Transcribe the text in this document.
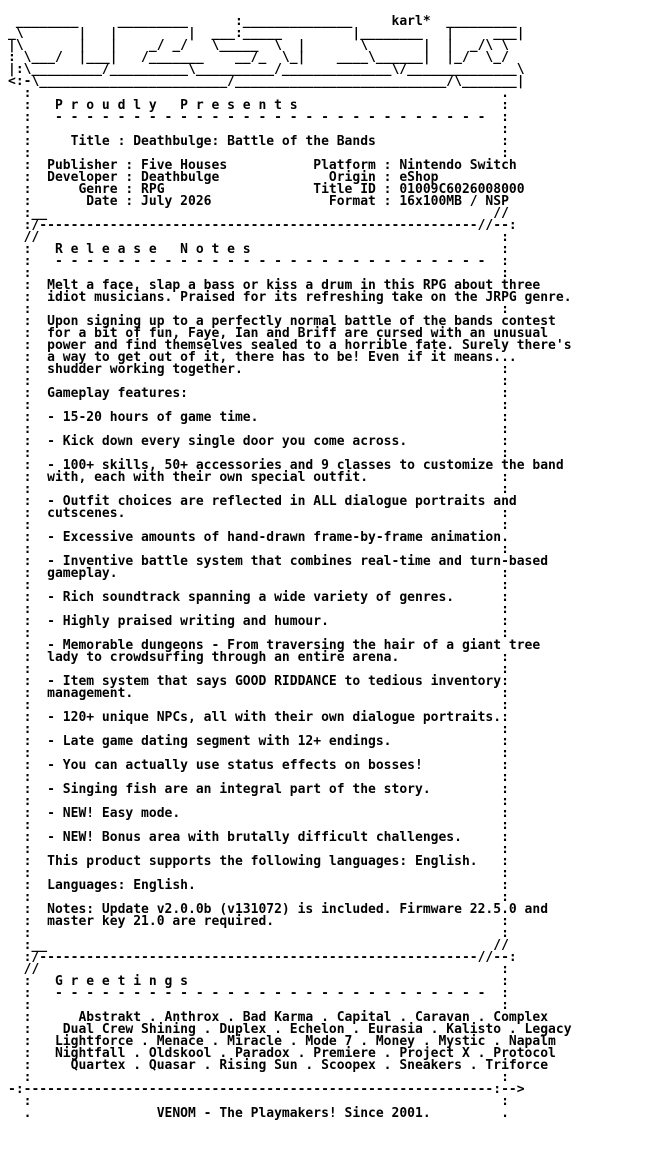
________     _________      :______________     karl*  _________
_\       |   |         |  ___:_____         |________   |     ___|
|\       |   |    _/ _/   \_____  \  |       \       |  |  _/\ \
: \___/  |___|   /_______    __/_  \_|    ____\______|  |_/  \_/
|:\_________/__________\__________/______________\/______________\
<:-\________________________/___________________________/\_______|
:                                                            .
:   P r o u d l y   P r e s e n t s                          :
:   - - - - - - - - - - - - - - - - - - - - - - - - - - - -  :
:                                                            :
:     Title : Deathbulge: Battle of the Bands                :
:                                                            :
:  Publisher : Five Houses           Platform : Nintendo Switch
:  Developer : Deathbulge              Origin : eShop
:      Genre : RPG                   Title ID : 01009C6026008000
:       Date : July 2026               Format : 16x100MB / NSP
:__                                                         //
:/--------------------------------------------------------//--:
//                                                           :
:   R e l e a s e   N o t e s                                :
:   - - - - - - - - - - - - - - - - - - - - - - - - - - - -  :
:                                                            :
:  Melt a face, slap a bass or kiss a drum in this RPG about three
:  idiot musicians. Praised for its refreshing take on the JRPG genre.
:                                                            :
:  Upon signing up to a perfectly normal battle of the bands contest
:  for a bit of fun, Faye, Ian and Briff are cursed with an unusual
:  power and find themselves sealed to a horrible fate. Surely there's
:  a way to get out of it, there has to be! Even if it means...
:  shudder working together.                                 :
:                                                            :
:  Gameplay features:                                        :
:                                                            :
:  - 15-20 hours of game time.                               :
:                                                            :
:  - Kick down every single door you come across.            :
:                                                            :
:  - 100+ skills, 50+ accessories and 9 classes to customize the band
:  with, each with their own special outfit.                 :
:                                                            :
:  - Outfit choices are reflected in ALL dialogue portraits and
:  cutscenes.                                                :
:                                                            :
:  - Excessive amounts of hand-drawn frame-by-frame animation.
:                                                            :
:  - Inventive battle system that combines real-time and turn-based
:  gameplay.                                                 :
:                                                            :
:  - Rich soundtrack spanning a wide variety of genres.      :
:                                                            :
:  - Highly praised writing and humour.                      :
:                                                            :
:  - Memorable dungeons - From traversing the hair of a giant tree
:  lady to crowdsurfing through an entire arena.             :
:                                                            :
:  - Item system that says GOOD RIDDANCE to tedious inventory:
:  management.                                               :
:                                                            :
:  - 120+ unique NPCs, all with their own dialogue portraits.:
:                                                            :
:  - Late game dating segment with 12+ endings.              :
:                                                            :
:  - You can actually use status effects on bosses!          :
:                                                            :
:  - Singing fish are an integral part of the story.         :
:                                                            :
:  - NEW! Easy mode.                                         :
:                                                            :
:  - NEW! Bonus area with brutally difficult challenges.     :
:                                                            :
:  This product supports the following languages: English.   :
:                                                            :
:  Languages: English.                                       :
:                                                            :
:  Notes: Update v2.0.0b (v131072) is included. Firmware 22.5.0 and
:  master key 21.0 are required.                             :
:                                                            :
:__                                                         //
:/--------------------------------------------------------//--:
//                                                           :
:   G r e e t i n g s                                        :
:   - - - - - - - - - - - - - - - - - - - - - - - - - - - -  :
:                                                            :
:      Abstrakt . Anthrox . Bad Karma . Capital . Caravan . Complex
:    Dual Crew Shining . Duplex . Echelon . Eurasia . Kalisto . Legacy
:   Lightforce . Menace . Miracle . Mode 7 . Money . Mystic . Napalm
:   Nightfall . Oldskool . Paradox . Premiere . Project X . Protocol
:     Quartex . Quasar . Rising Sun . Scoopex . Sneakers . Triforce
:                                                            :
-:------------------------------------------------------------:-->
:                                                            :
.                VENOM - The Playmakers! Since 2001.         .
